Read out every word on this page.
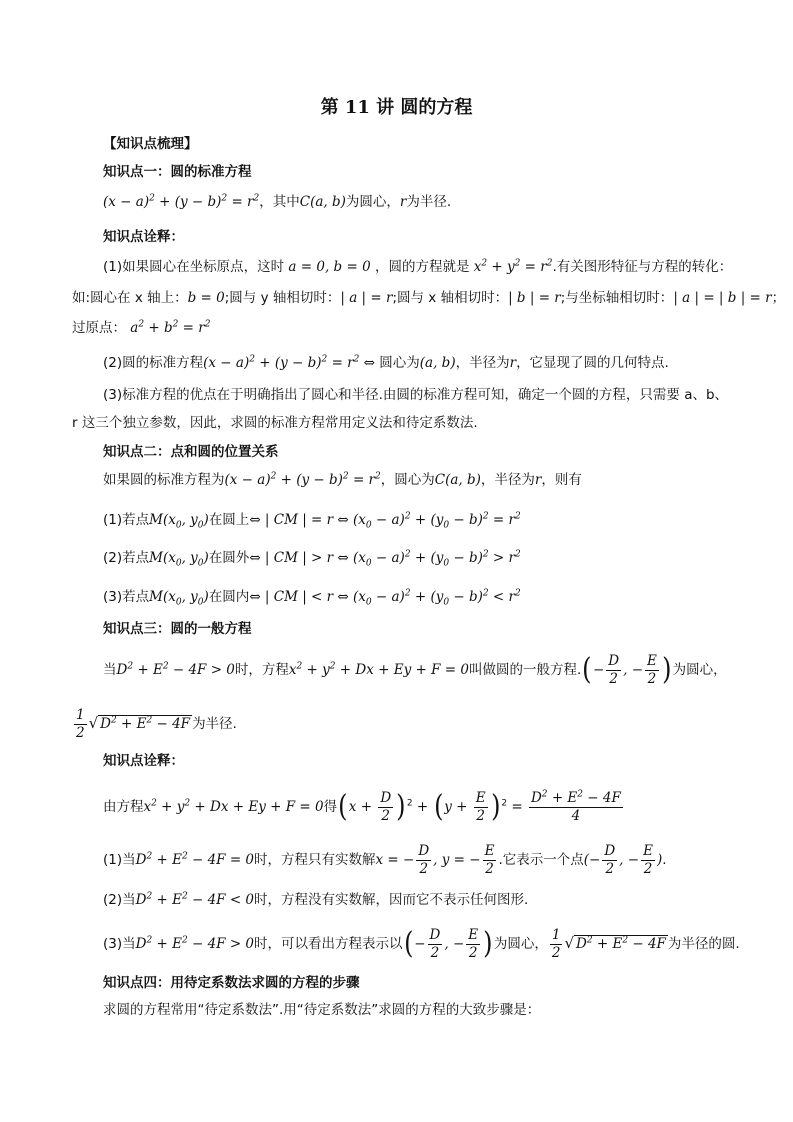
第 11 讲 圆的方程
【知识点梳理】
知识点一：圆的标准方程
$(x - a)^2 + (y - b)^2 = r^2$，其中C(a, b)为圆心，r为半径.
知识点诠释：
(1)如果圆心在坐标原点，这时 a = 0, b = 0 ，圆的方程就是 $x^2 + y^2 = r^2$.有关图形特征与方程的转化：
如:圆心在 x 轴上：b = 0;圆与 y 轴相切时：| a | = r;圆与 x 轴相切时：| b | = r;与坐标轴相切时：| a | = | b | = r；
过原点： $a^2 + b^2 = r^2$
(2)圆的标准方程$(x - a)^2 + (y - b)^2 = r^2$ ⇔ 圆心为(a, b)，半径为r，它显现了圆的几何特点.
(3)标准方程的优点在于明确指出了圆心和半径.由圆的标准方程可知，确定一个圆的方程，只需要 a、b、
r 这三个独立参数，因此，求圆的标准方程常用定义法和待定系数法.
知识点二：点和圆的位置关系
如果圆的标准方程为$(x - a)^2 + (y - b)^2 = r^2$，圆心为C(a, b)，半径为r，则有
(1)若点$M(x_0$, $y_0$)在圆上⇔ | CM | = r ⇔ $(x_0 - a)^2 + (y_0 - b)^2 = r^2$
(2)若点$M(x_0$, $y_0$)在圆外⇔ | CM | > r ⇔ $(x_0 - a)^2 + (y_0 - b)^2 > r^2$
(3)若点$M(x_0$, $y_0$)在圆内⇔ | CM | < r ⇔ $(x_0 - a)^2 + (y_0 - b)^2 < r^2$
知识点三：圆的一般方程
当$D^2 + E^2 - 4F > 0$时，方程$x^2 + y^2 + Dx + Ey + F = 0$叫做圆的一般方程.(− $\frac{D}{2}$ , − $\frac{E}{2}$ )为圆心，
$\frac{1}{2}$ √ $D^2 + E^2 - 4F$ 为半径.
知识点诠释：
由方程$x^2 + y^2 + Dx + Ey + F = 0$得$(x + \frac{D}{2} )^2 + (y + \frac{E}{2} )^2 = \frac{D^2 + E^2 - 4F}{4}$
(1)当$D^2 + E^2 - 4F = 0$时，方程只有实数解x = − $\frac{D}{2}$ , y = − $\frac{E}{2}$ .它表示一个点(− $\frac{D}{2}$ , − $\frac{E}{2}$ ).
(2)当$D^2 + E^2 - 4F < 0$时，方程没有实数解，因而它不表示任何图形.
(3)当$D^2 + E^2 - 4F > 0$时，可以看出方程表示以(− $\frac{D}{2}$ , − $\frac{E}{2}$ )为圆心， $\frac{1}{2}$ √ $D^2 + E^2 - 4F$ 为半径的圆.
知识点四：用待定系数法求圆的方程的步骤
求圆的方程常用“待定系数法”.用“待定系数法”求圆的方程的大致步骤是：
